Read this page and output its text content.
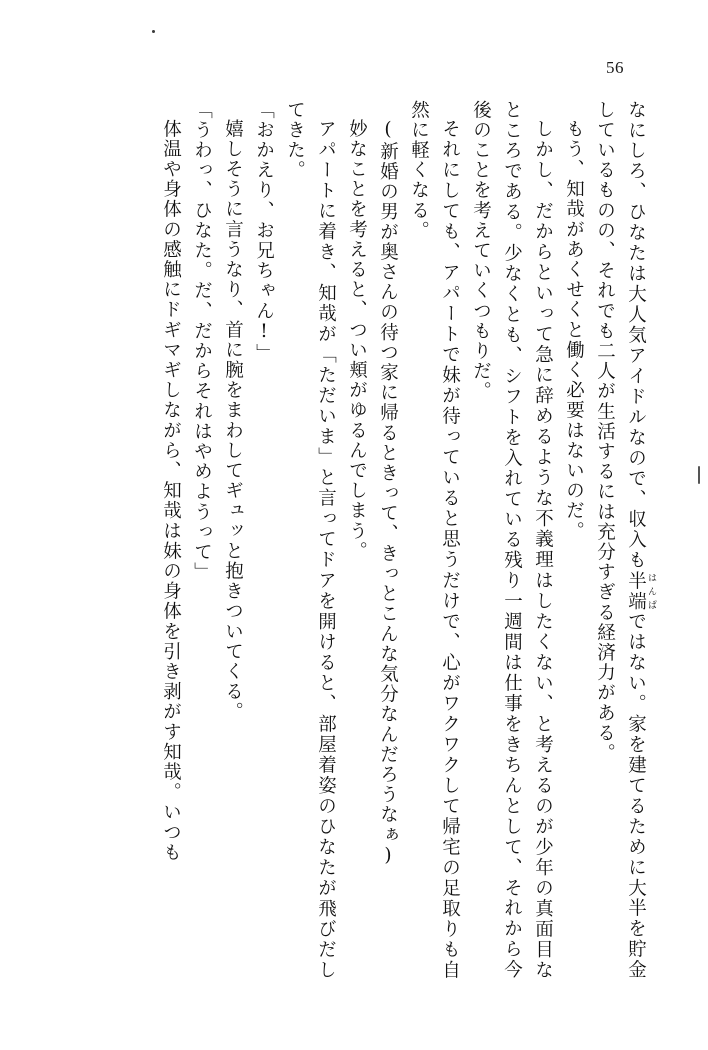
56

なにしろ、ひなたは大人気アイドルなので、収入も半端 はんぱではない。家を建てるために大半を貯金しているものの、それでも二人が生活するには充分すぎる経済力がある。

もう、知哉があくせくと働く必要はないのだ。

しかし、だからといって急に辞めるような不義理はしたくない、と考えるのが少年の真面目なところである。少なくとも、シフトを入れている残り一週間は仕事をきちんとして、それから今後のことを考えていくつもりだ。

それにしても、アパートで妹が待っていると思うだけで、心がワクワクして帰宅の足取りも自然に軽くなる。

(新婚の男が奥さんの待つ家に帰るときって、きっとこんな気分なんだろうなぁ)

妙なことを考えると、つい頬がゆるんでしまう。

アパートに着き、知哉が「ただいま」と言ってドアを開けると、部屋着姿のひなたが飛びだしてきた。

「おかえり、お兄ちゃん!」

嬉しそうに言うなり、首に腕をまわしてギュッと抱きついてくる。

「うわっ、ひなた。だ、だからそれはやめようって」

体温や身体の感触にドギマギしながら、知哉は妹の身体を引き剥がす知哉。いつも
